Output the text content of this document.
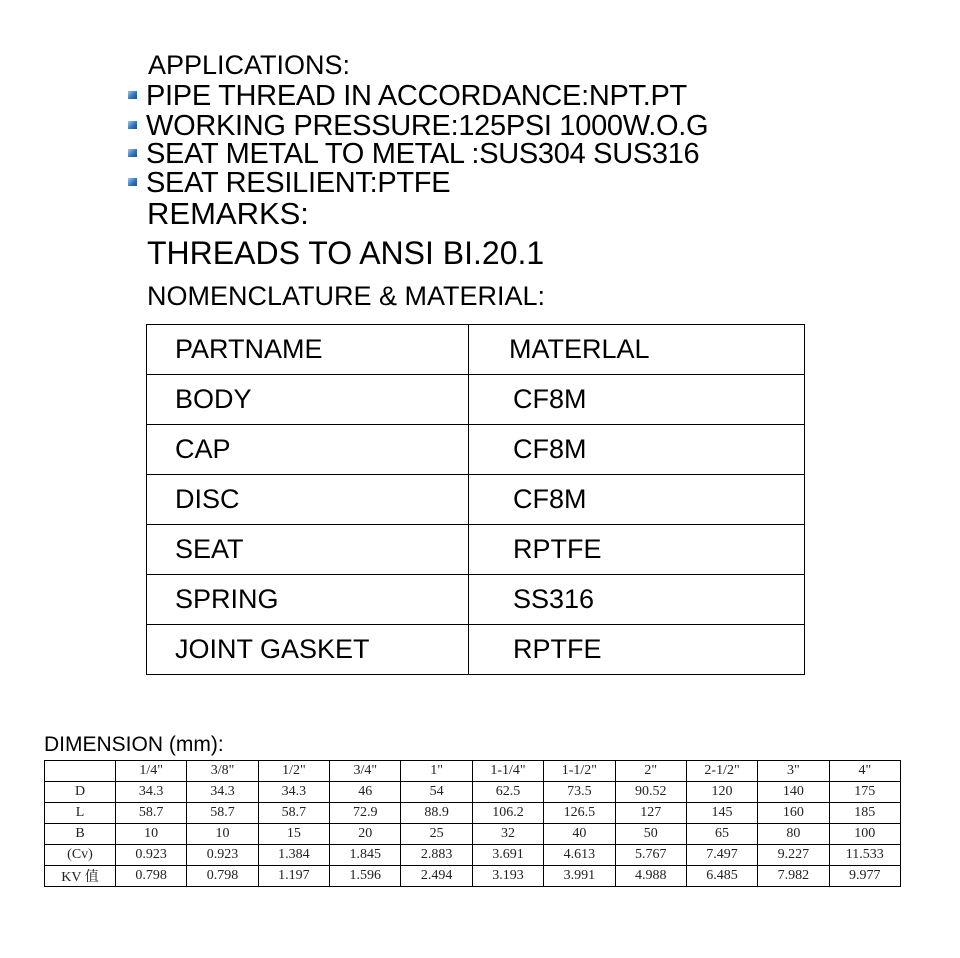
APPLICATIONS:
PIPE THREAD IN ACCORDANCE:NPT.PT
WORKING PRESSURE:125PSI 1000W.O.G
SEAT METAL TO METAL :SUS304 SUS316
SEAT RESILIENT:PTFE
REMARKS:
THREADS TO ANSI BI.20.1
NOMENCLATURE & MATERIAL:
PARTNAME	MATERLAL
BODY	CF8M
CAP	CF8M
DISC	CF8M
SEAT	RPTFE
SPRING	SS316
JOINT GASKET	RPTFE
DIMENSION (mm):
	1/4"	3/8"	1/2"	3/4"	1"	1-1/4"	1-1/2"	2"	2-1/2"	3"	4"
D	34.3	34.3	34.3	46	54	62.5	73.5	90.52	120	140	175
L	58.7	58.7	58.7	72.9	88.9	106.2	126.5	127	145	160	185
B	10	10	15	20	25	32	40	50	65	80	100
(Cv)	0.923	0.923	1.384	1.845	2.883	3.691	4.613	5.767	7.497	9.227	11.533
KV 值	0.798	0.798	1.197	1.596	2.494	3.193	3.991	4.988	6.485	7.982	9.977
